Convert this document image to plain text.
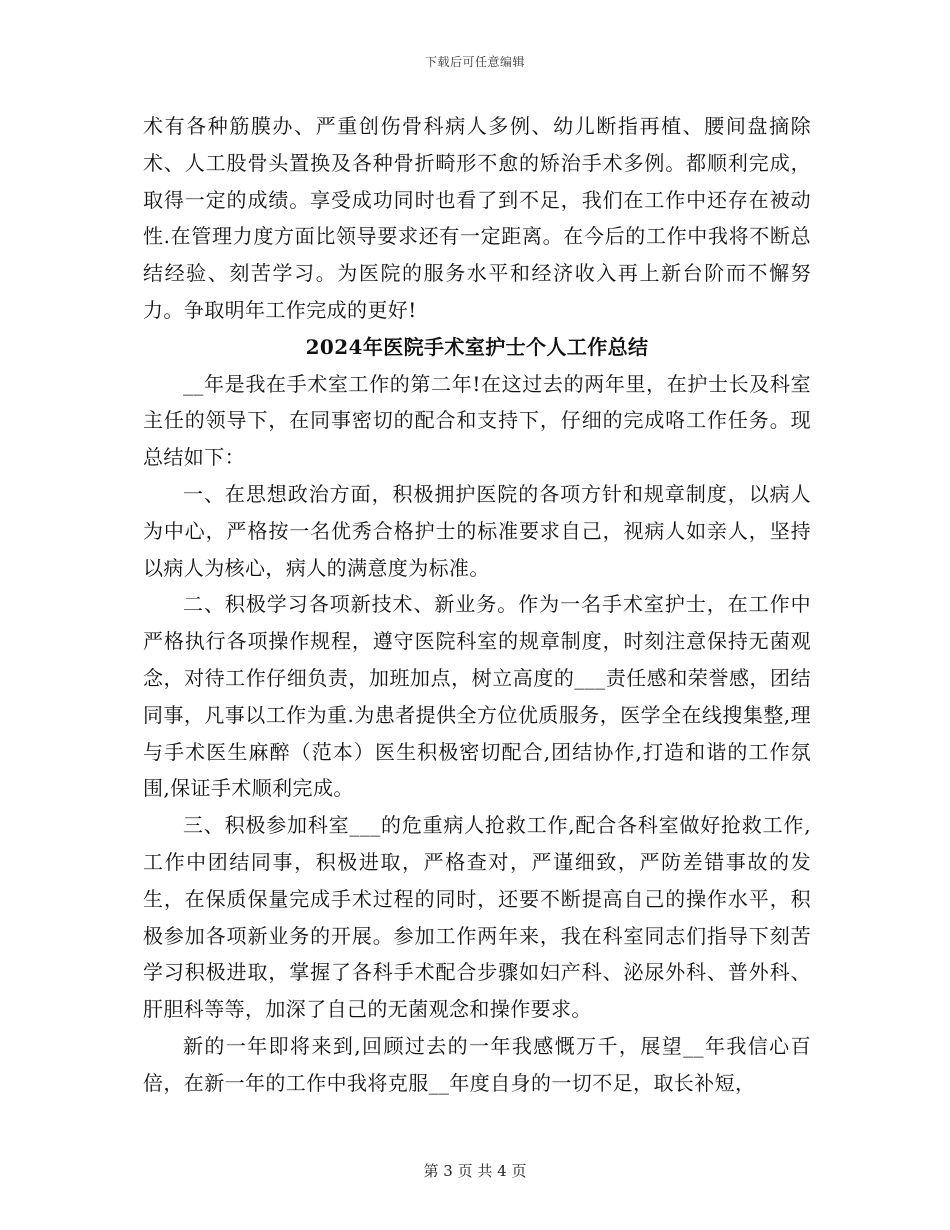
下载后可任意编辑

术有各种筋膜办、严重创伤骨科病人多例、幼儿断指再植、腰间盘摘除术、人工股骨头置换及各种骨折畸形不愈的矫治手术多例。都顺利完成，取得一定的成绩。享受成功同时也看了到不足，我们在工作中还存在被动性.在管理力度方面比领导要求还有一定距离。在今后的工作中我将不断总结经验、刻苦学习。为医院的服务水平和经济收入再上新台阶而不懈努力。争取明年工作完成的更好!

2024年医院手术室护士个人工作总结

__年是我在手术室工作的第二年!在这过去的两年里，在护士长及科室主任的领导下，在同事密切的配合和支持下，仔细的完成咯工作任务。现总结如下：

一、在思想政治方面，积极拥护医院的各项方针和规章制度，以病人为中心，严格按一名优秀合格护士的标准要求自己，视病人如亲人，坚持以病人为核心，病人的满意度为标准。

二、积极学习各项新技术、新业务。作为一名手术室护士，在工作中严格执行各项操作规程，遵守医院科室的规章制度，时刻注意保持无菌观念，对待工作仔细负责，加班加点，树立高度的___责任感和荣誉感，团结同事，凡事以工作为重.为患者提供全方位优质服务，医学全在线搜集整,理与手术医生麻醉（范本）医生积极密切配合,团结协作,打造和谐的工作氛围,保证手术顺利完成。

三、积极参加科室___的危重病人抢救工作,配合各科室做好抢救工作,工作中团结同事，积极进取，严格查对，严谨细致，严防差错事故的发生，在保质保量完成手术过程的同时，还要不断提高自己的操作水平，积极参加各项新业务的开展。参加工作两年来，我在科室同志们指导下刻苦学习积极进取，掌握了各科手术配合步骤如妇产科、泌尿外科、普外科、肝胆科等等，加深了自己的无菌观念和操作要求。

新的一年即将来到,回顾过去的一年我感慨万千，展望__年我信心百倍，在新一年的工作中我将克服__年度自身的一切不足，取长补短，

第 3 页 共 4 页
